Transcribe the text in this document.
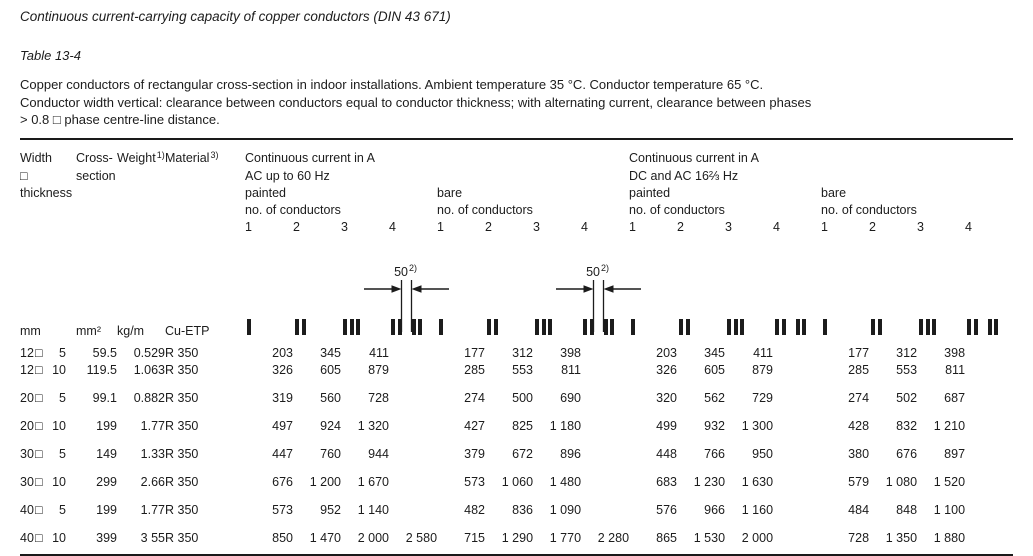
Continuous current-carrying capacity of copper conductors (DIN 43 671)
Table 13-4
Copper conductors of rectangular cross-section in indoor installations. Ambient temperature 35 °C. Conductor temperature 65 °C.
Conductor width vertical: clearance between conductors equal to conductor thickness; with alternating current, clearance between phases
> 0.8 □ phase centre-line distance.
Width	Cross-	Weight$^{1)}$	Material$^{3)}$	Continuous current in A								Continuous current in A							
□	section			AC up to 60 Hz								DC and AC 16⅔ Hz							
thickness				painted				bare				painted				bare			
				no. of conductors				no. of conductors				no. of conductors				no. of conductors			
				1	2	3	4	1	2	3	4	1	2	3	4	1	2	3	4
mm	mm²	kg/m	Cu-ETP	

12□ 5	59.5	0.529	R 350	203	345	411		177	312	398		203	345	411		177	312	398	
12□ 10	119.5	1.063	R 350	326	605	879		285	553	811		326	605	879		285	553	811	
20□ 5	99.1	0.882	R 350	319	560	728		274	500	690		320	562	729		274	502	687	
20□ 10	199	1.77	R 350	497	924	1 320		427	825	1 180		499	932	1 300		428	832	1 210	
30□ 5	149	1.33	R 350	447	760	944		379	672	896		448	766	950		380	676	897	
30□ 10	299	2.66	R 350	676	1 200	1 670		573	1 060	1 480		683	1 230	1 630		579	1 080	1 520	
40□ 5	199	1.77	R 350	573	952	1 140		482	836	1 090		576	966	1 160		484	848	1 100	
40□ 10	399	3 55	R 350	850	1 470	2 000	2 580	715	1 290	1 770	2 280	865	1 530	2 000		728	1 350	1 880	
50 2)	50 2)
